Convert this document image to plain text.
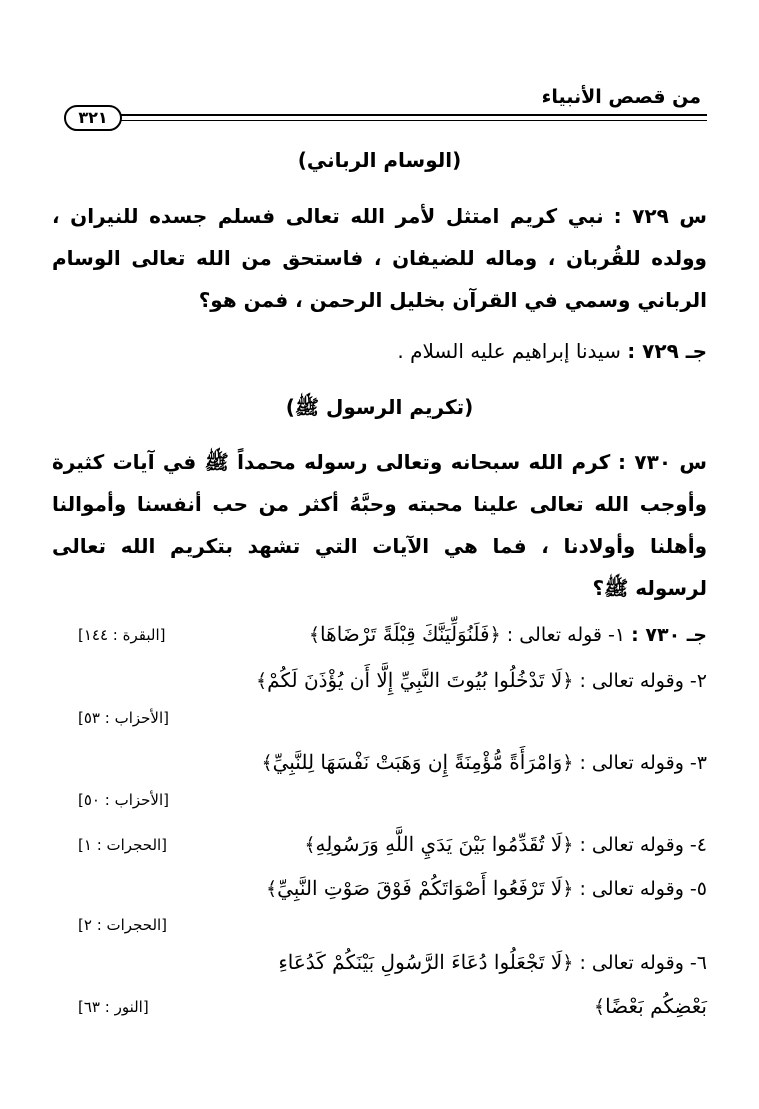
من قصص الأنبياء
٣٢١
(الوسام الرباني)
س ٧٢٩ : نبي كريم امتثل لأمر الله تعالى فسلم جسده للنيران ، وولده للقُربان ، وماله للضيفان ، فاستحق من الله تعالى الوسام الرباني وسمي في القرآن بخليل الرحمن ، فمن هو؟
جـ ٧٢٩ : سيدنا إبراهيم عليه السلام .
(تكريم الرسول ﷺ)
س ٧٣٠ : كرم الله سبحانه وتعالى رسوله محمداً ﷺ في آيات كثيرة وأوجب الله تعالى علينا محبته وحبَّهُ أكثر من حب أنفسنا وأموالنا وأهلنا وأولادنا ، فما هي الآيات التي تشهد بتكريم الله تعالى لرسوله ﷺ؟
جـ ٧٣٠ : ١- قوله تعالى : ﴿فَلَنُوَلِّيَنَّكَ قِبْلَةً تَرْضَاهَا﴾
[البقرة : ١٤٤]
٢- وقوله تعالى : ﴿لَا تَدْخُلُوا بُيُوتَ النَّبِيِّ إِلَّا أَن يُؤْذَنَ لَكُمْ﴾
[الأحزاب : ٥٣]
٣- وقوله تعالى : ﴿وَامْرَأَةً مُّؤْمِنَةً إِن وَهَبَتْ نَفْسَهَا لِلنَّبِيِّ﴾
[الأحزاب : ٥٠]
٤- وقوله تعالى : ﴿لَا تُقَدِّمُوا بَيْنَ يَدَيِ اللَّهِ وَرَسُولِهِ﴾
[الحجرات : ١]
٥- وقوله تعالى : ﴿لَا تَرْفَعُوا أَصْوَاتَكُمْ فَوْقَ صَوْتِ النَّبِيِّ﴾
[الحجرات : ٢]
٦- وقوله تعالى : ﴿لَا تَجْعَلُوا دُعَاءَ الرَّسُولِ بَيْنَكُمْ كَدُعَاءِ
بَعْضِكُم بَعْضًا﴾
[النور : ٦٣]
